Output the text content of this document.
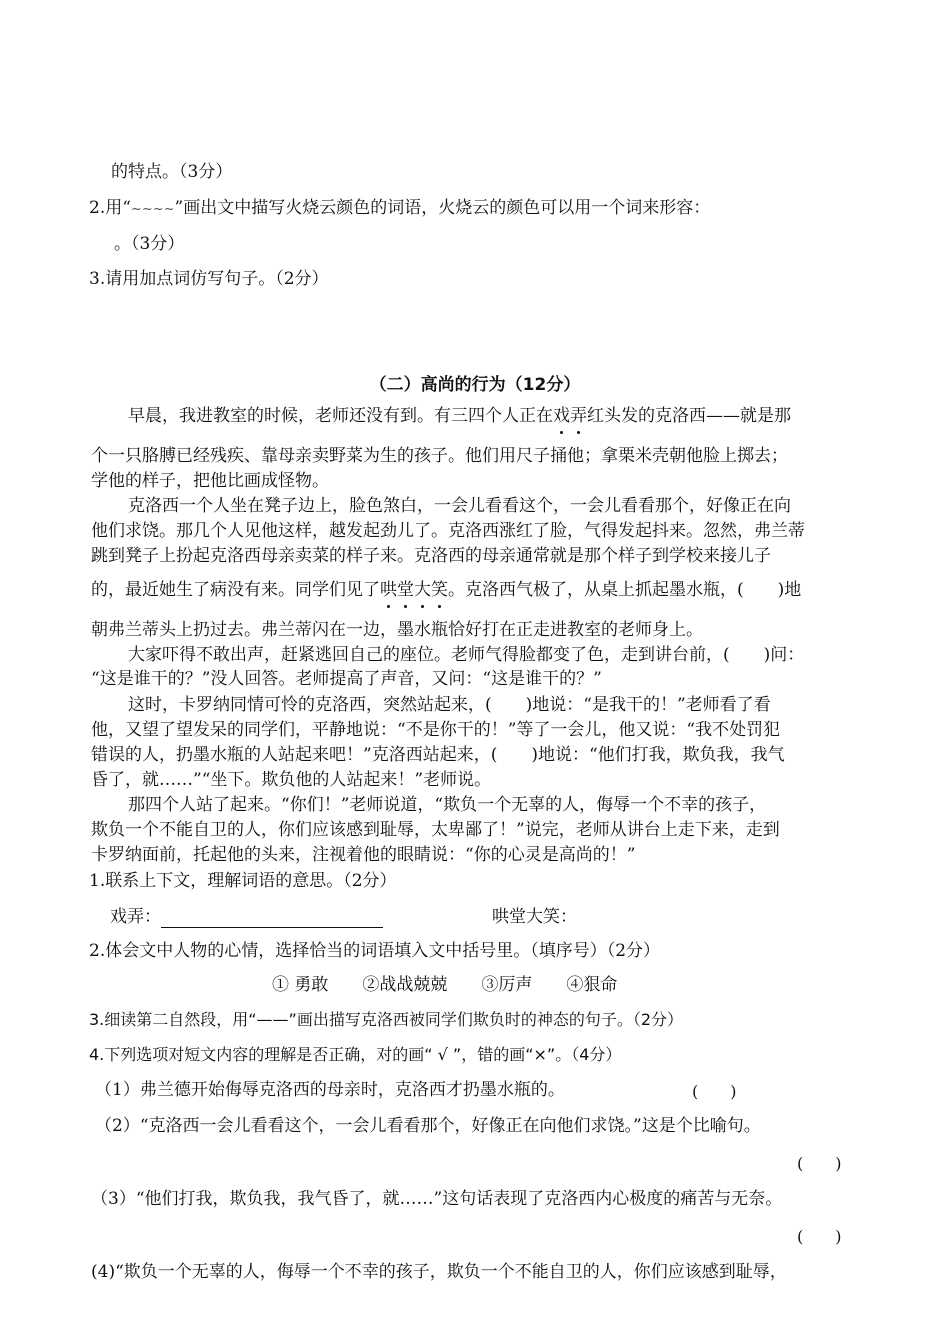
的特点。（3分）
2.用“~~~~”画出文中描写火烧云颜色的词语，火烧云的颜色可以用一个词来形容：
。（3分）
3.请用加点词仿写句子。（2分）
（二）高尚的行为（12分）
早晨，我进教室的时候，老师还没有到。有三四个人正在戏弄红头发的克洛西——就是那
个一只胳膊已经残疾、靠母亲卖野菜为生的孩子。他们用尺子捅他；拿栗米壳朝他脸上掷去；
学他的样子，把他比画成怪物。
克洛西一个人坐在凳子边上，脸色煞白，一会儿看看这个，一会儿看看那个，好像正在向
他们求饶。那几个人见他这样，越发起劲儿了。克洛西涨红了脸，气得发起抖来。忽然，弗兰蒂
跳到凳子上扮起克洛西母亲卖菜的样子来。克洛西的母亲通常就是那个样子到学校来接儿子
的，最近她生了病没有来。同学们见了哄堂大笑。克洛西气极了，从桌上抓起墨水瓶，(　　)地
朝弗兰蒂头上扔过去。弗兰蒂闪在一边，墨水瓶恰好打在正走进教室的老师身上。
大家吓得不敢出声，赶紧逃回自己的座位。老师气得脸都变了色，走到讲台前，(　　)问：
“这是谁干的？”没人回答。老师提高了声音，又问：“这是谁干的？”
这时，卡罗纳同情可怜的克洛西，突然站起来，(　　)地说：“是我干的！”老师看了看
他，又望了望发呆的同学们，平静地说：“不是你干的！”等了一会儿，他又说：“我不处罚犯
错误的人，扔墨水瓶的人站起来吧！”克洛西站起来，(　　)地说：“他们打我，欺负我，我气
昏了，就……”“坐下。欺负他的人站起来！”老师说。
那四个人站了起来。“你们！”老师说道，“欺负一个无辜的人，侮辱一个不幸的孩子，
欺负一个不能自卫的人，你们应该感到耻辱，太卑鄙了！”说完，老师从讲台上走下来，走到
卡罗纳面前，托起他的头来，注视着他的眼睛说：“你的心灵是高尚的！”
1.联系上下文，理解词语的意思。（2分）
戏弄：	哄堂大笑：
2.体会文中人物的心情，选择恰当的词语填入文中括号里。（填序号）（2分）
① 勇敢　　②战战兢兢　　③厉声　　④狠命
3.细读第二自然段，用“——”画出描写克洛西被同学们欺负时的神态的句子。（2分）
4.下列选项对短文内容的理解是否正确，对的画“ √ ”，错的画“×”。（4分）
（1）弗兰德开始侮辱克洛西的母亲时，克洛西才扔墨水瓶的。	(　　)
（2）“克洛西一会儿看看这个，一会儿看看那个，好像正在向他们求饶。”这是个比喻句。
(　　)
（3）“他们打我，欺负我，我气昏了，就……”这句话表现了克洛西内心极度的痛苦与无奈。
(　　)
(4)“欺负一个无辜的人，侮辱一个不幸的孩子，欺负一个不能自卫的人，你们应该感到耻辱，
